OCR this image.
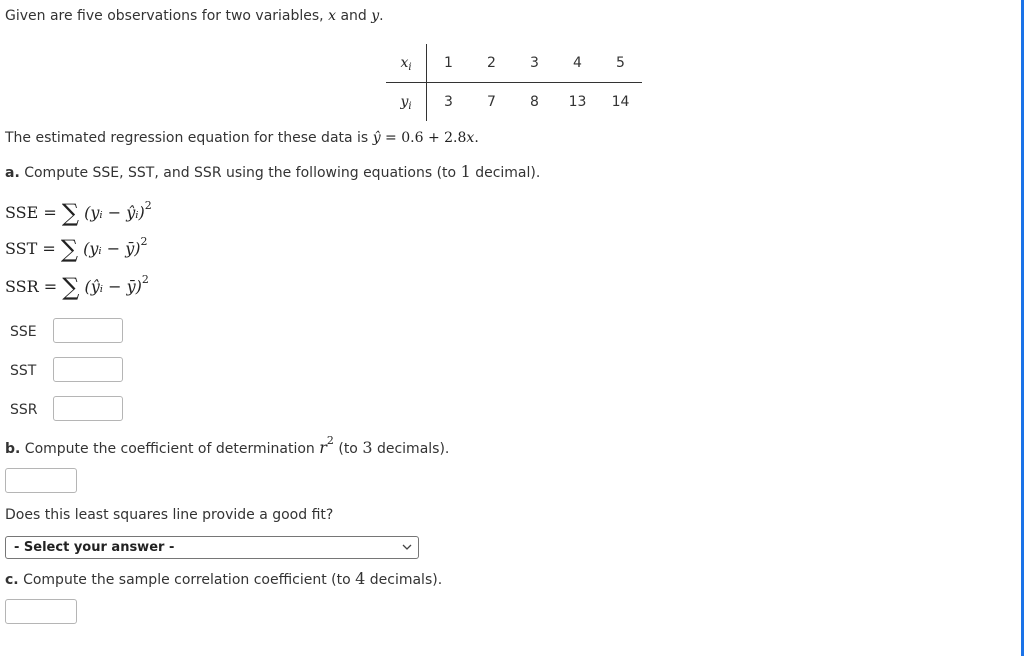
Given are five observations for two variables, x and y.
$x_i$	1	2	3	4	5
$y_i$	3	7	8	13	14
The estimated regression equation for these data is ŷ = 0.6 + 2.8x.
a. Compute SSE, SST, and SSR using the following equations (to 1 decimal).
SSE = ∑ (yᵢ − ŷᵢ)$^2$
SST = ∑ (yᵢ − ȳ)$^2$
SSR = ∑ (ŷᵢ − ȳ)$^2$
SSE
SST
SSR
b. Compute the coefficient of determination $r^2$ (to 3 decimals).
Does this least squares line provide a good fit?
- Select your answer -
c. Compute the sample correlation coefficient (to 4 decimals).
